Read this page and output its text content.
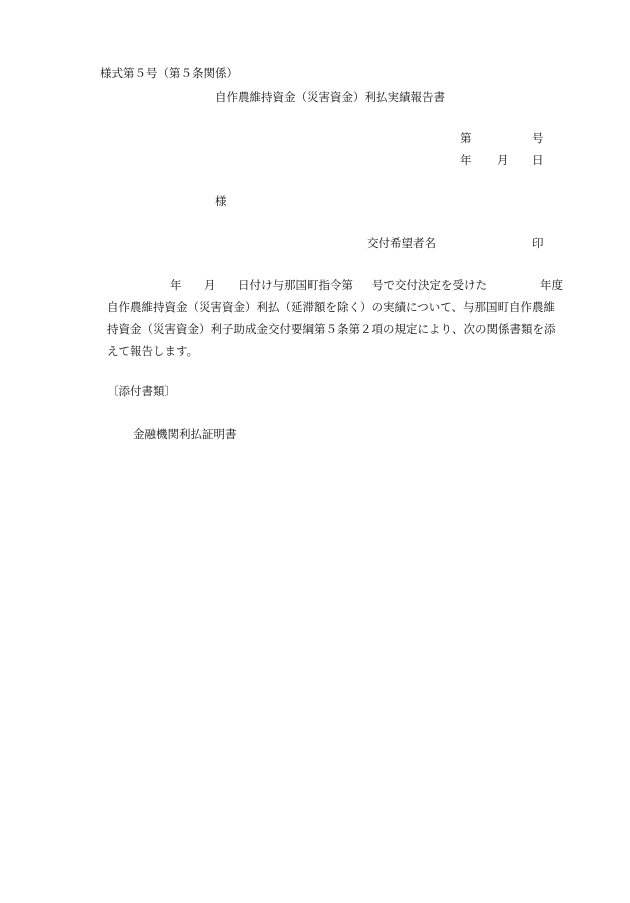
様式第５号（第５条関係）
自作農維持資金（災害資金）利払実績報告書
第	号
年 月 日
様
交付希望者名	印
年 月 日付け与那国町指令第 号で交付決定を受けた	年度
自作農維持資金（災害資金）利払（延滞額を除く）の実績について、与那国町自作農維
持資金（災害資金）利子助成金交付要綱第５条第２項の規定により、次の関係書類を添
えて報告します。
〔添付書類〕
金融機関利払証明書
